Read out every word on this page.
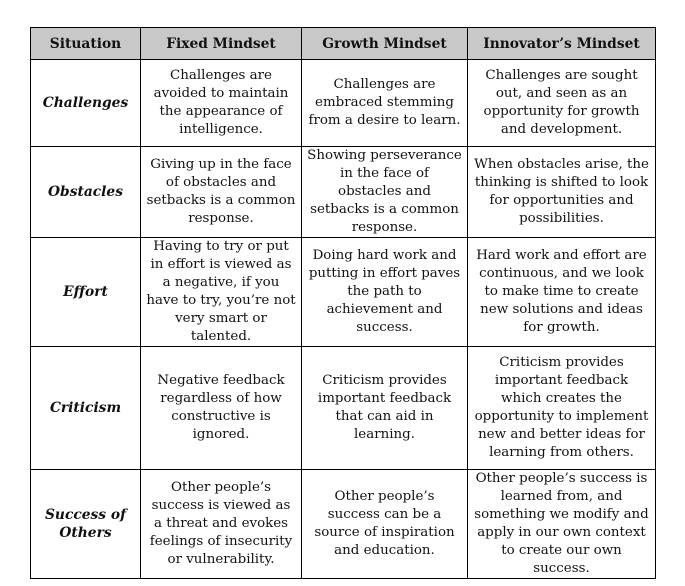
Situation	Fixed Mindset	Growth Mindset	Innovator’s Mindset
Challenges	Challenges are avoided to maintain the appearance of intelligence.	Challenges are embraced stemming from a desire to learn.	Challenges are sought out, and seen as an opportunity for growth and development.
Obstacles	Giving up in the face of obstacles and setbacks is a common response.	Showing perseverance in the face of obstacles and setbacks is a common response.	When obstacles arise, the thinking is shifted to look for opportunities and possibilities.
Effort	Having to try or put in effort is viewed as a negative, if you have to try, you’re not very smart or talented.	Doing hard work and putting in effort paves the path to achievement and success.	Hard work and effort are continuous, and we look to make time to create new solutions and ideas for growth.
Criticism	Negative feedback regardless of how constructive is ignored.	Criticism provides important feedback that can aid in learning.	Criticism provides important feedback which creates the opportunity to implement new and better ideas for learning from others.
Success of Others	Other people’s success is viewed as a threat and evokes feelings of insecurity or vulnerability.	Other people’s success can be a source of inspiration and education.	Other people’s success is learned from, and something we modify and apply in our own context to create our own success.
